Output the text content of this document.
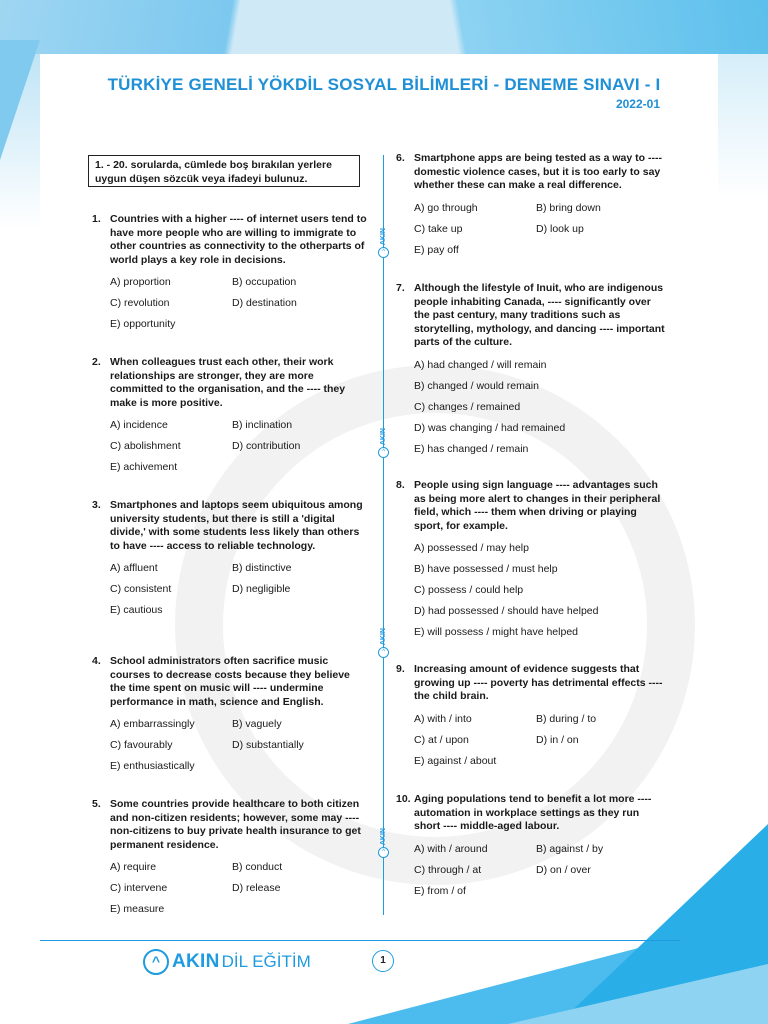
TÜRKİYE GENELİ YÖKDİL SOSYAL BİLİMLERİ - DENEME SINAVI - I
2022-01
1. - 20. sorularda, cümlede boş bırakılan yerlere uygun düşen sözcük veya ifadeyi bulunuz.
AKIN
^
AKIN
^
AKIN
^
AKIN
^
1. Countries with a higher ---- of internet users tend to have more people who are willing to immigrate to other countries as connectivity to the otherparts of world plays a key role in decisions.
A) proportion	B) occupation
C) revolution	D) destination
E) opportunity
2. When colleagues trust each other, their work relationships are stronger, they are more committed to the organisation, and the ---- they make is more positive.
A) incidence	B) inclination
C) abolishment	D) contribution
E) achivement
3. Smartphones and laptops seem ubiquitous among university students, but there is still a 'digital divide,' with some students less likely than others to have ---- access to reliable technology.
A) affluent	B) distinctive
C) consistent	D) negligible
E) cautious
4. School administrators often sacrifice music courses to decrease costs because they believe the time spent on music will ---- undermine performance in math, science and English.
A) embarrassingly	B) vaguely
C) favourably	D) substantially
E) enthusiastically
5. Some countries provide healthcare to both citizen and non-citizen residents; however, some may ---- non-citizens to buy private health insurance to get permanent residence.
A) require	B) conduct
C) intervene	D) release
E) measure
6. Smartphone apps are being tested as a way to ---- domestic violence cases, but it is too early to say whether these can make a real difference.
A) go through	B) bring down
C) take up	D) look up
E) pay off
7. Although the lifestyle of Inuit, who are indigenous people inhabiting Canada, ---- significantly over the past century, many traditions such as storytelling, mythology, and dancing ---- important parts of the culture.
A) had changed / will remain
B) changed / would remain
C) changes / remained
D) was changing / had remained
E) has changed / remain
8. People using sign language ---- advantages such as being more alert to changes in their peripheral field, which ---- them when driving or playing sport, for example.
A) possessed / may help
B) have possessed / must help
C) possess / could help
D) had possessed / should have helped
E) will possess / might have helped
9. Increasing amount of evidence suggests that growing up ---- poverty has detrimental effects ---- the child brain.
A) with / into	B) during / to
C) at / upon	D) in / on
E) against / about
10. Aging populations tend to benefit a lot more ---- automation in workplace settings as they run short ---- middle-aged labour.
A) with / around	B) against / by
C) through / at	D) on / over
E) from / of
^ AKIN DİL EĞİTİM	1
